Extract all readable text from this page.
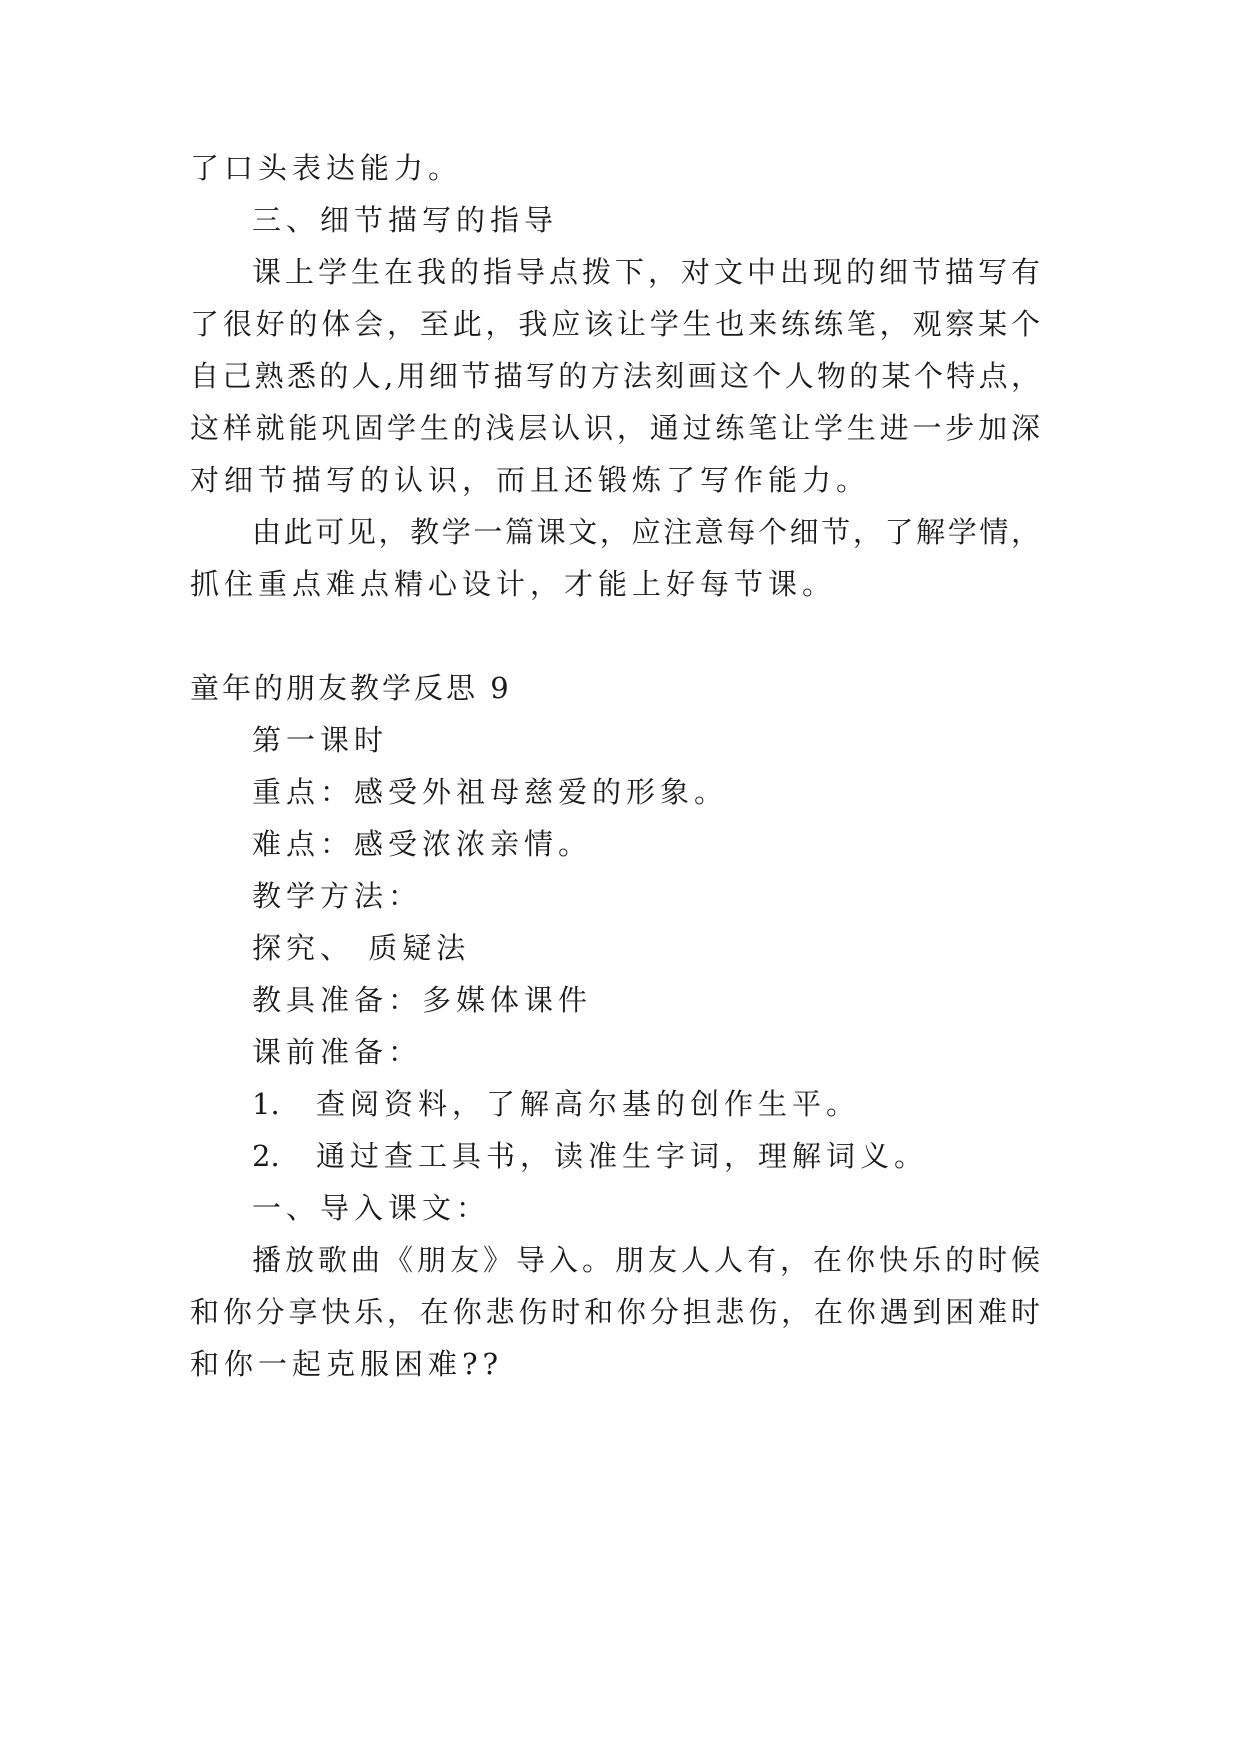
了口头表达能力。
三、细节描写的指导
课上学生在我的指导点拨下，对文中出现的细节描写有
了很好的体会，至此，我应该让学生也来练练笔，观察某个
自己熟悉的人,用细节描写的方法刻画这个人物的某个特点，
这样就能巩固学生的浅层认识，通过练笔让学生进一步加深
对细节描写的认识，而且还锻炼了写作能力。
由此可见，教学一篇课文，应注意每个细节，了解学情，
抓住重点难点精心设计，才能上好每节课。
童年的朋友教学反思 9
第一课时
重点：感受外祖母慈爱的形象。
难点：感受浓浓亲情。
教学方法：
探究、 质疑法
教具准备：多媒体课件
课前准备：
1. 查阅资料，了解高尔基的创作生平。
2. 通过查工具书，读准生字词，理解词义。
一、导入课文：
播放歌曲《朋友》导入。朋友人人有，在你快乐的时候
和你分享快乐，在你悲伤时和你分担悲伤，在你遇到困难时
和你一起克服困难??
